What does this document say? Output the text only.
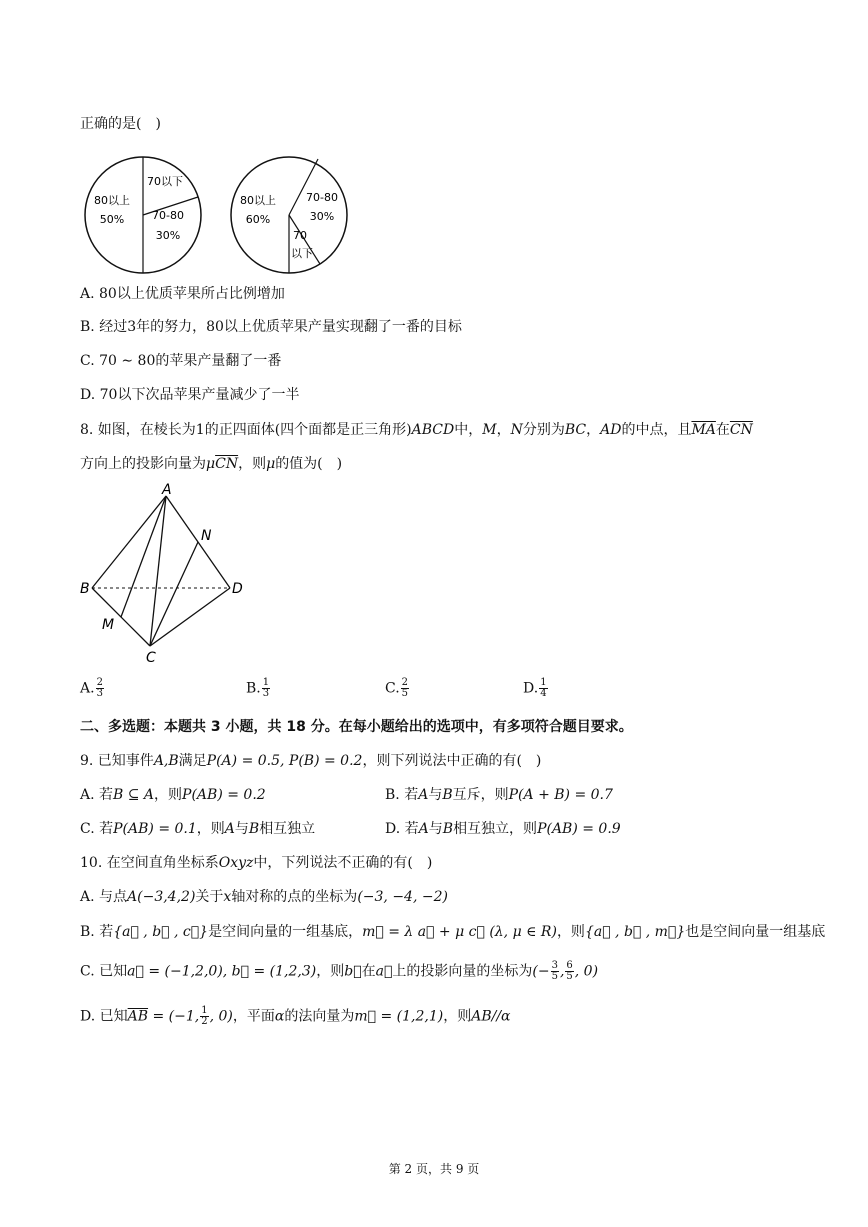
正确的是(　)
80以上
50%
70以下
70-80
30%
80以上
60%
70-80
30%
70
以下
A. 80以上优质苹果所占比例增加
B. 经过3年的努力，80以上优质苹果产量实现翻了一番的目标
C. 70 ∼ 80的苹果产量翻了一番
D. 70以下次品苹果产量减少了一半
8. 如图，在棱长为1的正四面体(四个面都是正三角形)ABCD中，M，N分别为BC，AD的中点，且$\overline{MA}$在$\overline{CN}$
方向上的投影向量为$\mu\overline{CN}$，则μ的值为(　)
A
B
C
D
M
N
A. $\frac{2}{3}$	B. $\frac{1}{3}$	C. $\frac{2}{5}$	D. $\frac{1}{4}$
二、多选题：本题共 3 小题，共 18 分。在每小题给出的选项中，有多项符合题目要求。
9. 已知事件A,B满足P(A) = 0.5, P(B) = 0.2，则下列说法中正确的有(　)
A. 若B ⊆ A，则P(AB) = 0.2	B. 若A与B互斥，则P(A + B) = 0.7
C. 若P(AB) = 0.1，则A与B相互独立	D. 若A与B相互独立，则P(AB) = 0.9
10. 在空间直角坐标系Oxyz中，下列说法不正确的有(　)
A. 与点A(−3,4,2)关于x轴对称的点的坐标为(−3, −4, −2)
B. 若{a⃗ , b⃗ , c⃗}是空间向量的一组基底，m⃗ = λ a⃗ + μ c⃗ (λ, μ ∈ R)，则{a⃗ , b⃗ , m⃗}也是空间向量一组基底
C. 已知a⃗ = (−1,2,0), b⃗ = (1,2,3)，则b⃗在a⃗上的投影向量的坐标为(− $\frac{3}{5}$ , $\frac{6}{5}$ , 0)
D. 已知$\overline{AB} = (-1$, $\frac{1}{2}$ , 0)，平面α的法向量为m⃗ = (1,2,1)，则AB//α
第 2 页，共 9 页
